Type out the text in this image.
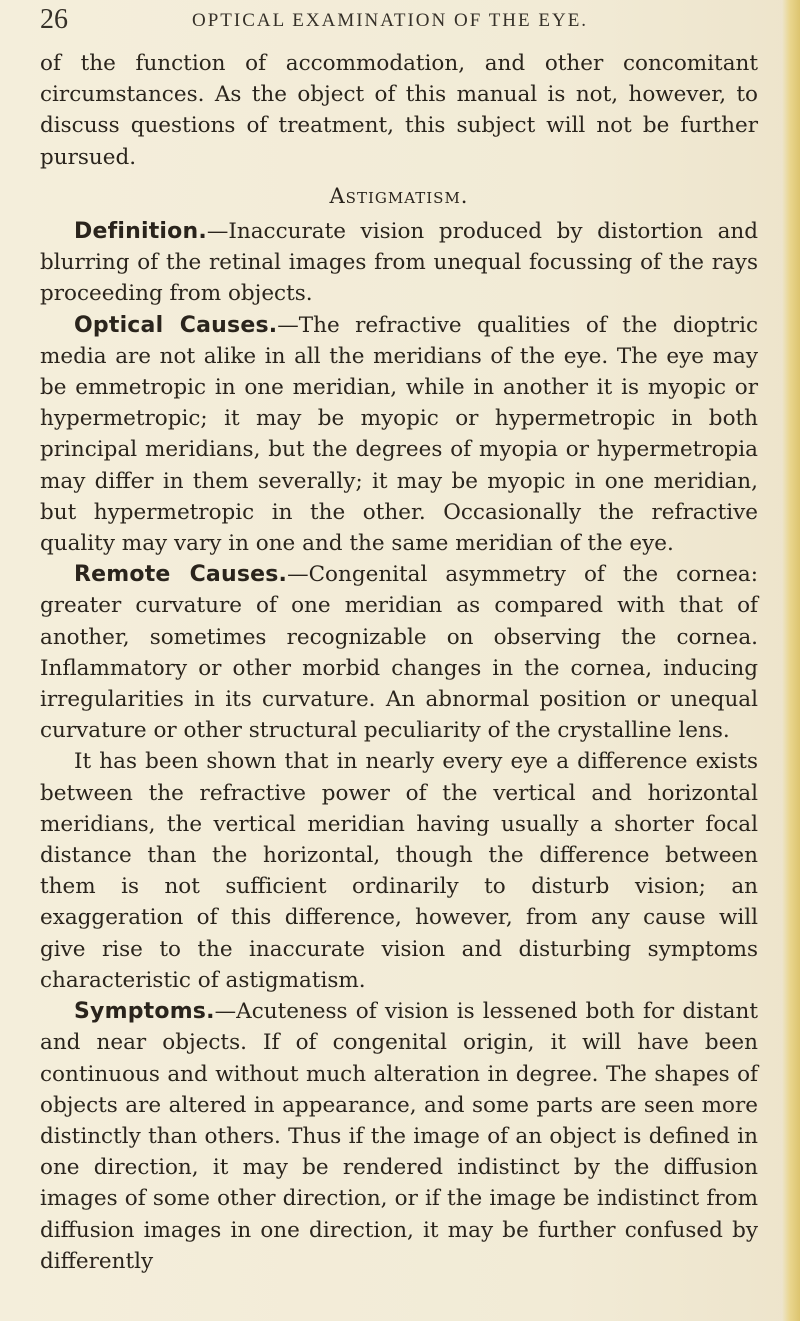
26	OPTICAL EXAMINATION OF THE EYE.

of the function of accommodation, and other concomitant circumstances. As the object of this manual is not, however, to discuss questions of treatment, this subject will not be further pursued.

Astigmatism.

Definition.—Inaccurate vision produced by distortion and blurring of the retinal images from unequal focussing of the rays proceeding from objects.

Optical Causes.—The refractive qualities of the dioptric media are not alike in all the meridians of the eye. The eye may be emmetropic in one meridian, while in another it is myopic or hypermetropic; it may be myopic or hypermetropic in both principal meridians, but the degrees of myopia or hypermetropia may differ in them severally; it may be myopic in one meridian, but hypermetropic in the other. Occasionally the refractive quality may vary in one and the same meridian of the eye.

Remote Causes.—Congenital asymmetry of the cornea: greater curvature of one meridian as compared with that of another, sometimes recognizable on observing the cornea. Inflammatory or other morbid changes in the cornea, inducing irregularities in its curvature. An abnormal position or unequal curvature or other structural peculiarity of the crystalline lens.

It has been shown that in nearly every eye a difference exists between the refractive power of the vertical and horizontal meridians, the vertical meridian having usually a shorter focal distance than the horizontal, though the difference between them is not sufficient ordinarily to disturb vision; an exaggeration of this difference, however, from any cause will give rise to the inaccurate vision and disturbing symptoms characteristic of astigmatism.

Symptoms.—Acuteness of vision is lessened both for distant and near objects. If of congenital origin, it will have been continuous and without much alteration in degree. The shapes of objects are altered in appearance, and some parts are seen more distinctly than others. Thus if the image of an object is defined in one direction, it may be rendered indistinct by the diffusion images of some other direction, or if the image be indistinct from diffusion images in one direction, it may be further confused by differently
